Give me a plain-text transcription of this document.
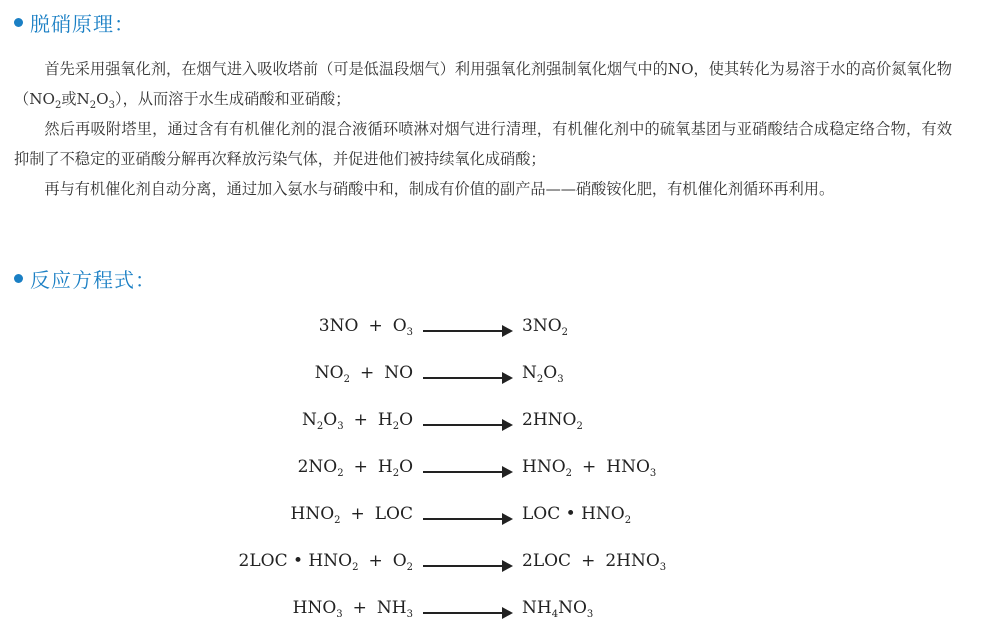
脱硝原理：

首先采用强氧化剂，在烟气进入吸收塔前（可是低温段烟气）利用强氧化剂强制氧化烟气中的NO，使其转化为易溶于水的高价氮氧化物（$NO_2$或$N_2O_3$），从而溶于水生成硝酸和亚硝酸；

然后再吸附塔里，通过含有有机催化剂的混合液循环喷淋对烟气进行清理，有机催化剂中的硫氧基团与亚硝酸结合成稳定络合物，有效抑制了不稳定的亚硝酸分解再次释放污染气体，并促进他们被持续氧化成硝酸；

再与有机催化剂自动分离，通过加入氨水与硝酸中和，制成有价值的副产品——硝酸铵化肥，有机催化剂循环再利用。

反应方程式：
$3NO + O_3$	$3NO_2$
$NO_2$ + NO	$N_2O_3$
$N_2O_3 + H_2O$	$2HNO_2$
$2NO_2 + H_2O$	$HNO_2 + HNO_3$
$HNO_2$ + LOC	LOC • $HNO_2$
2LOC • $HNO_2 + O_2$	$2LOC + 2HNO_3$
$HNO_3 + NH_3$	$NH_4NO_3$
